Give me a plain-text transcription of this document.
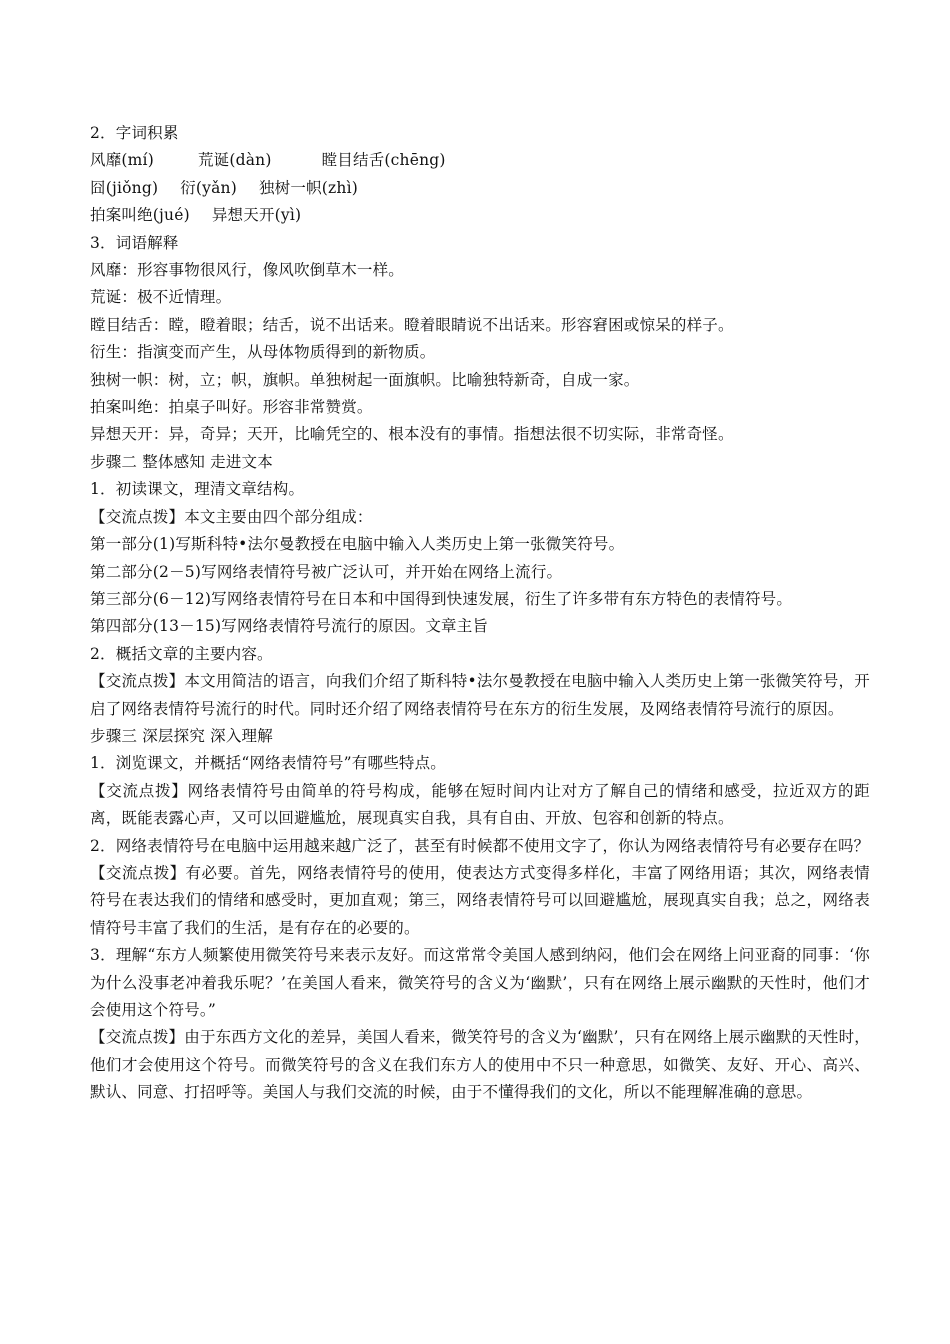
2．字词积累

风靡(mí)	荒诞(dàn)	瞠目结舌(chēng)

囧(jiǒng) 衍(yǎn) 独树一帜(zhì)

拍案叫绝(jué) 异想天开(yì)

3．词语解释

风靡：形容事物很风行，像风吹倒草木一样。

荒诞：极不近情理。

瞠目结舌：瞠，瞪着眼；结舌，说不出话来。瞪着眼睛说不出话来。形容窘困或惊呆的样子。

衍生：指演变而产生，从母体物质得到的新物质。

独树一帜：树，立；帜，旗帜。单独树起一面旗帜。比喻独特新奇，自成一家。

拍案叫绝：拍桌子叫好。形容非常赞赏。

异想天开：异，奇异；天开，比喻凭空的、根本没有的事情。指想法很不切实际，非常奇怪。

步骤二 整体感知 走进文本

1．初读课文，理清文章结构。

【交流点拨】本文主要由四个部分组成：

第一部分(1)写斯科特•法尔曼教授在电脑中输入人类历史上第一张微笑符号。

第二部分(2－5)写网络表情符号被广泛认可，并开始在网络上流行。

第三部分(6－12)写网络表情符号在日本和中国得到快速发展，衍生了许多带有东方特色的表情符号。

第四部分(13－15)写网络表情符号流行的原因。文章主旨

2．概括文章的主要内容。

【交流点拨】本文用简洁的语言，向我们介绍了斯科特•法尔曼教授在电脑中输入人类历史上第一张微笑符号，开启了网络表情符号流行的时代。同时还介绍了网络表情符号在东方的衍生发展，及网络表情符号流行的原因。

步骤三 深层探究 深入理解

1．浏览课文，并概括“网络表情符号”有哪些特点。

【交流点拨】网络表情符号由简单的符号构成，能够在短时间内让对方了解自己的情绪和感受，拉近双方的距离，既能表露心声，又可以回避尴尬，展现真实自我，具有自由、开放、包容和创新的特点。

2．网络表情符号在电脑中运用越来越广泛了，甚至有时候都不使用文字了，你认为网络表情符号有必要存在吗？

【交流点拨】有必要。首先，网络表情符号的使用，使表达方式变得多样化，丰富了网络用语；其次，网络表情符号在表达我们的情绪和感受时，更加直观；第三，网络表情符号可以回避尴尬，展现真实自我；总之，网络表情符号丰富了我们的生活，是有存在的必要的。

3．理解“东方人频繁使用微笑符号来表示友好。而这常常令美国人感到纳闷，他们会在网络上问亚裔的同事：‘你为什么没事老冲着我乐呢？’在美国人看来，微笑符号的含义为‘幽默’，只有在网络上展示幽默的天性时，他们才会使用这个符号。”

【交流点拨】由于东西方文化的差异，美国人看来，微笑符号的含义为‘幽默’，只有在网络上展示幽默的天性时，他们才会使用这个符号。而微笑符号的含义在我们东方人的使用中不只一种意思，如微笑、友好、开心、高兴、默认、同意、打招呼等。美国人与我们交流的时候，由于不懂得我们的文化，所以不能理解准确的意思。
